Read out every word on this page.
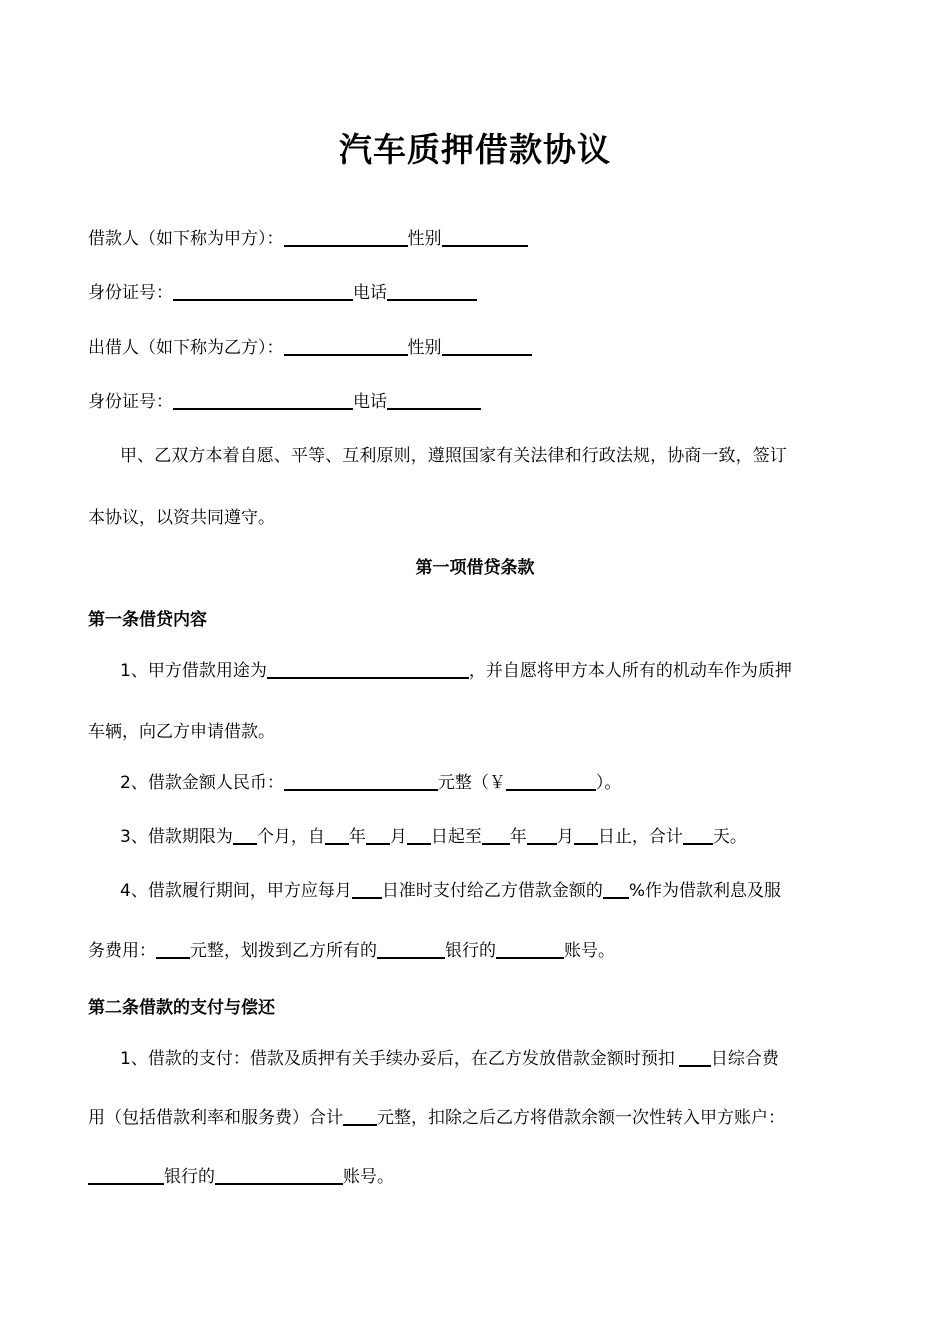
汽车质押借款协议
借款人（如下称为甲方）：	性别
身份证号：	电话
出借人（如下称为乙方）：	性别
身份证号：	电话
甲、乙双方本着自愿、平等、互利原则，遵照国家有关法律和行政法规，协商一致，签订
本协议，以资共同遵守。
第一项借贷条款
第一条借贷内容
1、甲方借款用途为	，并自愿将甲方本人所有的机动车作为质押
车辆，向乙方申请借款。
2、借款金额人民币：	元整（￥	）。
3、借款期限为 个月，自 年 月 日起至 年 月 日止，合计 天。
4、借款履行期间，甲方应每月 日准时支付给乙方借款金额的 %作为借款利息及服
务费用： 元整，划拨到乙方所有的	银行的	账号。
第二条借款的支付与偿还
1、借款的支付：借款及质押有关手续办妥后，在乙方发放借款金额时预扣 日综合费
用（包括借款利率和服务费）合计 元整，扣除之后乙方将借款余额一次性转入甲方账户：
银行的	账号。
